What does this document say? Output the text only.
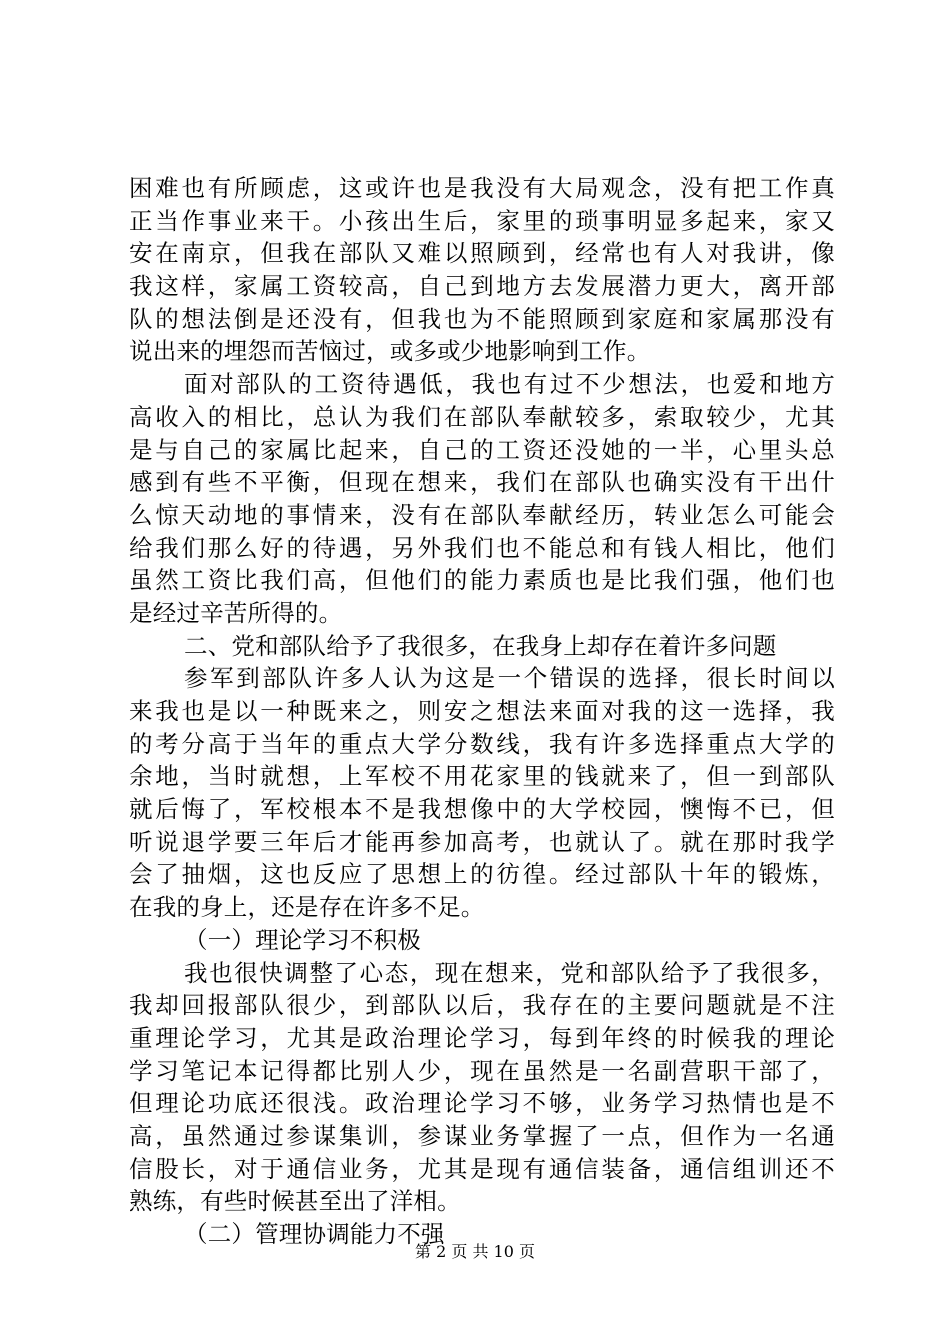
困难也有所顾虑，这或许也是我没有大局观念，没有把工作真
正当作事业来干。小孩出生后，家里的琐事明显多起来，家又
安在南京，但我在部队又难以照顾到，经常也有人对我讲，像
我这样，家属工资较高，自己到地方去发展潜力更大，离开部
队的想法倒是还没有，但我也为不能照顾到家庭和家属那没有
说出来的埋怨而苦恼过，或多或少地影响到工作。
面对部队的工资待遇低，我也有过不少想法，也爱和地方
高收入的相比，总认为我们在部队奉献较多，索取较少，尤其
是与自己的家属比起来，自己的工资还没她的一半，心里头总
感到有些不平衡，但现在想来，我们在部队也确实没有干出什
么惊天动地的事情来，没有在部队奉献经历，转业怎么可能会
给我们那么好的待遇，另外我们也不能总和有钱人相比，他们
虽然工资比我们高，但他们的能力素质也是比我们强，他们也
是经过辛苦所得的。
二、党和部队给予了我很多，在我身上却存在着许多问题
参军到部队许多人认为这是一个错误的选择，很长时间以
来我也是以一种既来之，则安之想法来面对我的这一选择，我
的考分高于当年的重点大学分数线，我有许多选择重点大学的
余地，当时就想，上军校不用花家里的钱就来了，但一到部队
就后悔了，军校根本不是我想像中的大学校园，懊悔不已，但
听说退学要三年后才能再参加高考，也就认了。就在那时我学
会了抽烟，这也反应了思想上的彷徨。经过部队十年的锻炼，
在我的身上，还是存在许多不足。
（一）理论学习不积极
我也很快调整了心态，现在想来，党和部队给予了我很多，
我却回报部队很少，到部队以后，我存在的主要问题就是不注
重理论学习，尤其是政治理论学习，每到年终的时候我的理论
学习笔记本记得都比别人少，现在虽然是一名副营职干部了，
但理论功底还很浅。政治理论学习不够，业务学习热情也是不
高，虽然通过参谋集训，参谋业务掌握了一点，但作为一名通
信股长，对于通信业务，尤其是现有通信装备，通信组训还不
熟练，有些时候甚至出了洋相。
（二）管理协调能力不强
第 2 页 共 10 页
